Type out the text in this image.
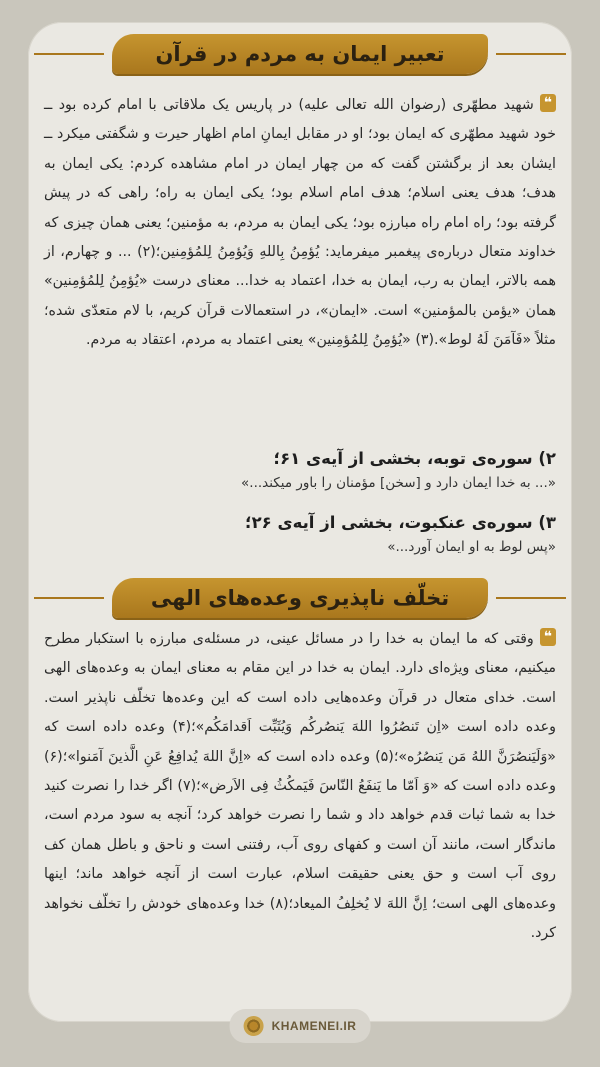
تعبیر ایمان به مردم در قرآن
❝شهید مطهّری (رضوان الله تعالی علیه) در پاریس یک ملاقاتی با امام کرده بود ــ خود شهید مطهّری که ایمان بود؛ او در مقابل ایمانِ امام اظهار حیرت و شگفتی میکرد ــ ایشان بعد از برگشتن گفت که من چهار ایمان در امام مشاهده کردم: یکی ایمان به هدف؛ هدف یعنی اسلام؛ هدف امام اسلام بود؛ یکی ایمان به راه؛ راهی که در پیش گرفته بود؛ راه امام راه مبارزه بود؛ یکی ایمان به مردم، به مؤمنین؛ یعنی همان چیزی که خداوند متعال درباره‌ی پیغمبر میفرماید: یُؤمِنُ بِاللهِ وَیُؤمِنُ لِلمُؤمِنین؛(۲) ... و چهارم، از همه بالاتر، ایمان به رب، ایمان به خدا، اعتماد به خدا... معنای درست «یُؤمِنُ لِلمُؤمِنین» همان «یؤمن بالمؤمنین» است. «ایمان»، در استعمالات قرآن کریم، با لام متعدّی شده؛ مثلاً «فَآمَنَ لَهُ لوط».(۳) «یُؤمِنُ لِلمُؤمِنین» یعنی اعتماد به مردم، اعتقاد به مردم.
۲) سوره‌ی توبه، بخشی از آیه‌ی ۶۱؛
«... به خدا ایمان دارد و [سخن] مؤمنان را باور میکند...»
۳) سوره‌ی عنکبوت، بخشی از آیه‌ی ۲۶؛
«پس لوط به او ایمان آورد...»
تخلّف ناپذیری وعده‌های الهی
❝وقتی که ما ایمان به خدا را در مسائل عینی، در مسئله‌ی مبارزه با استکبار مطرح میکنیم، معنای ویژه‌ای دارد. ایمان به خدا در این مقام به معنای ایمان به وعده‌های الهی است. خدای متعال در قرآن وعده‌هایی داده است که این وعده‌ها تخلّف ناپذیر است. وعده داده است «اِن تَنصُرُوا اللهَ یَنصُرکُم وَیُثَبِّت اَقدامَکُم»؛(۴) وعده داده است که «وَلَیَنصُرَنَّ اللهُ مَن یَنصُرُه»؛(۵) وعده داده است که «اِنَّ اللهَ یُدافِعُ عَنِ الَّذینَ آمَنوا»؛(۶) وعده داده است که «وَ اَمّا ما یَنفَعُ النّاسَ فَیَمکُثُ فِی الاَرض»؛(۷) اگر خدا را نصرت کنید خدا به شما ثبات قدم خواهد داد و شما را نصرت خواهد کرد؛ آنچه به سود مردم است، ماندگار است، مانند آن است و کفهای روی آب، رفتنی است و ناحق و باطل همان کف روی آب است و حق یعنی حقیقت اسلام، عبارت است از آنچه خواهد ماند؛ اینها وعده‌های الهی است؛ اِنَّ اللهَ لا یُخلِفُ المیعاد؛(۸) خدا وعده‌های خودش را تخلّف نخواهد کرد.
KHAMENEI.IR
